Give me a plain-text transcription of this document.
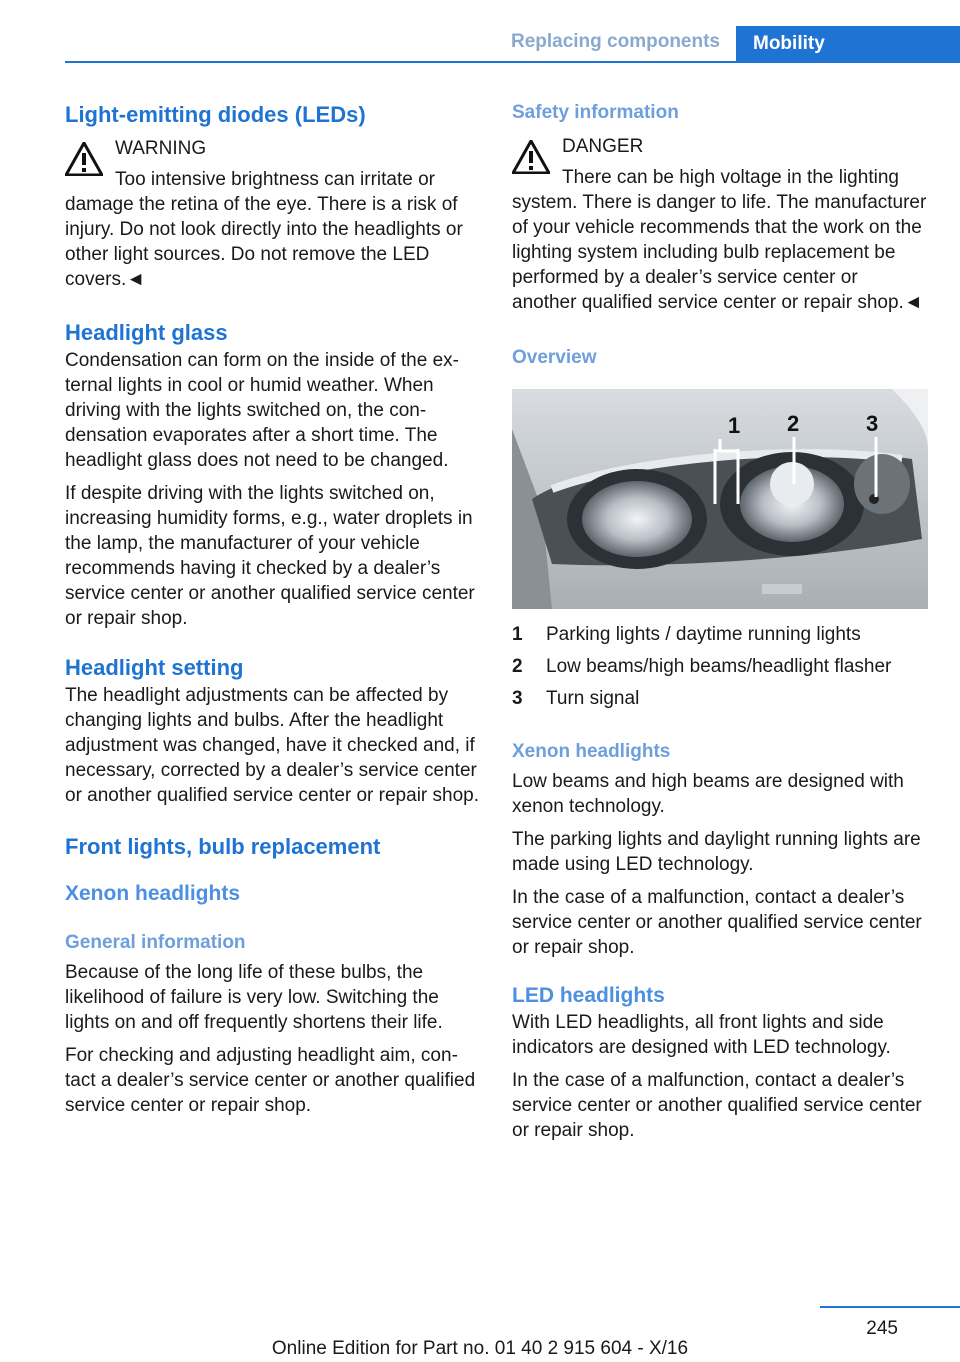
Replacing components	Mobility
Light-emitting diodes (LEDs)

WARNING

Too intensive brightness can irritate or

damage the retina of the eye. There is a risk of injury. Do not look directly into the headlights or other light sources. Do not remove the LED covers.◄

Headlight glass

Condensation can form on the inside of the external lights in cool or humid weather. When driving with the lights switched on, the condensation evaporates after a short time. The headlight glass does not need to be changed.

If despite driving with the lights switched on, increasing humidity forms, e.g., water droplets in the lamp, the manufacturer of your vehicle recommends having it checked by a dealer’s service center or another qualified service center or repair shop.

Headlight setting

The headlight adjustments can be affected by changing lights and bulbs. After the headlight adjustment was changed, have it checked and, if necessary, corrected by a dealer’s service center or another qualified service center or repair shop.

Front lights, bulb replacement
Xenon headlights
General information

Because of the long life of these bulbs, the likelihood of failure is very low. Switching the lights on and off frequently shortens their life.

For checking and adjusting headlight aim, contact a dealer’s service center or another qualified service center or repair shop.

Safety information

DANGER

There can be high voltage in the lighting

system. There is danger to life. The manufacturer of your vehicle recommends that the work on the lighting system including bulb replacement be performed by a dealer’s service center or another qualified service center or repair shop.◄

Overview
1 2	3
1	Parking lights / daytime running lights
2	Low beams/high beams/headlight flasher
3	Turn signal
Xenon headlights

Low beams and high beams are designed with xenon technology.

The parking lights and daylight running lights are made using LED technology.

In the case of a malfunction, contact a dealer’s service center or another qualified service center or repair shop.

LED headlights

With LED headlights, all front lights and side indicators are designed with LED technology.

In the case of a malfunction, contact a dealer’s service center or another qualified service center or repair shop.

245
Online Edition for Part no. 01 40 2 915 604 - X/16
